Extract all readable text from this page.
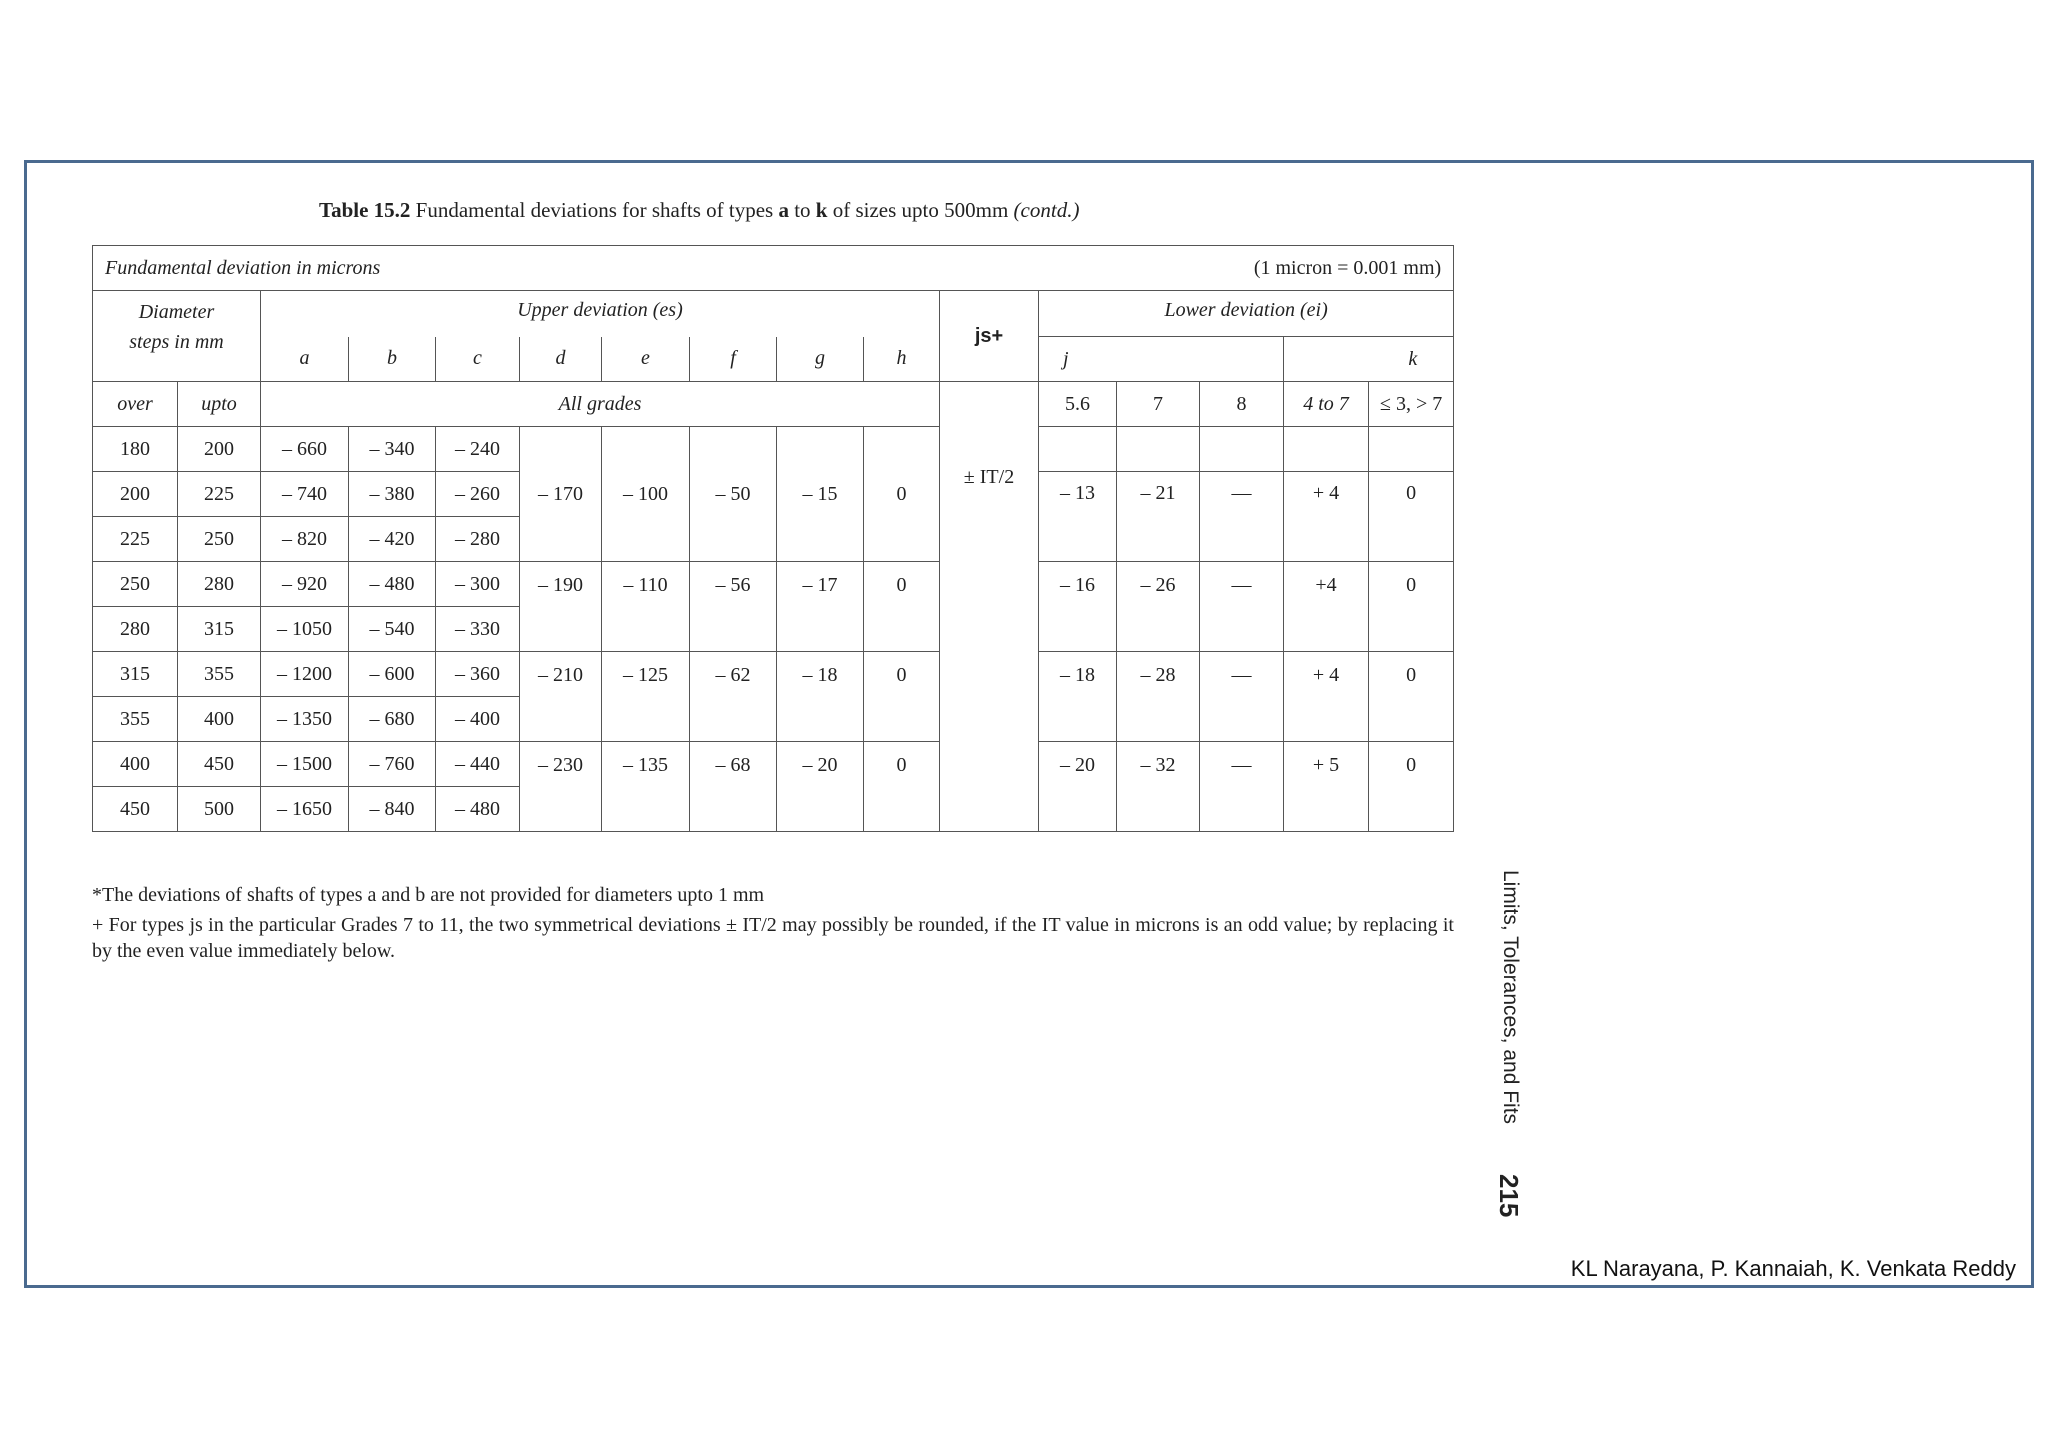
Table 15.2 Fundamental deviations for shafts of types a to k of sizes upto 500mm (contd.)
Fundamental deviation in microns (1 micron = 0.001 mm)															

Diameter
steps in mm		Upper deviation (es)								js+	Lower deviation (ei)				
		a	b	c	d	e	f	g	h		j			k	
over	upto	All grades								± IT/2	5.6	7	8	4 to 7	≤ 3, > 7
180	200	– 660	– 340	– 240	– 170	– 100	– 50	– 15	0						
200	225	– 740	– 380	– 260							– 13	– 21	—	+ 4	0
225	250	– 820	– 420	– 280											
250	280	– 920	– 480	– 300	– 190	– 110	– 56	– 17	0		– 16	– 26	—	+4	0
280	315	– 1050	– 540	– 330											
315	355	– 1200	– 600	– 360	– 210	– 125	– 62	– 18	0		– 18	– 28	—	+ 4	0
355	400	– 1350	– 680	– 400											
400	450	– 1500	– 760	– 440	– 230	– 135	– 68	– 20	0		– 20	– 32	—	+ 5	0
450	500	– 1650	– 840	– 480											

*The deviations of shafts of types a and b are not provided for diameters upto 1 mm

+ For types js in the particular Grades 7 to 11, the two symmetrical deviations ± IT/2 may possibly be rounded, if the IT value in microns is an odd value; by replacing it by the even value immediately below.	Limits, Tolerances, and Fits
215
KL Narayana, P. Kannaiah, K. Venkata Reddy
